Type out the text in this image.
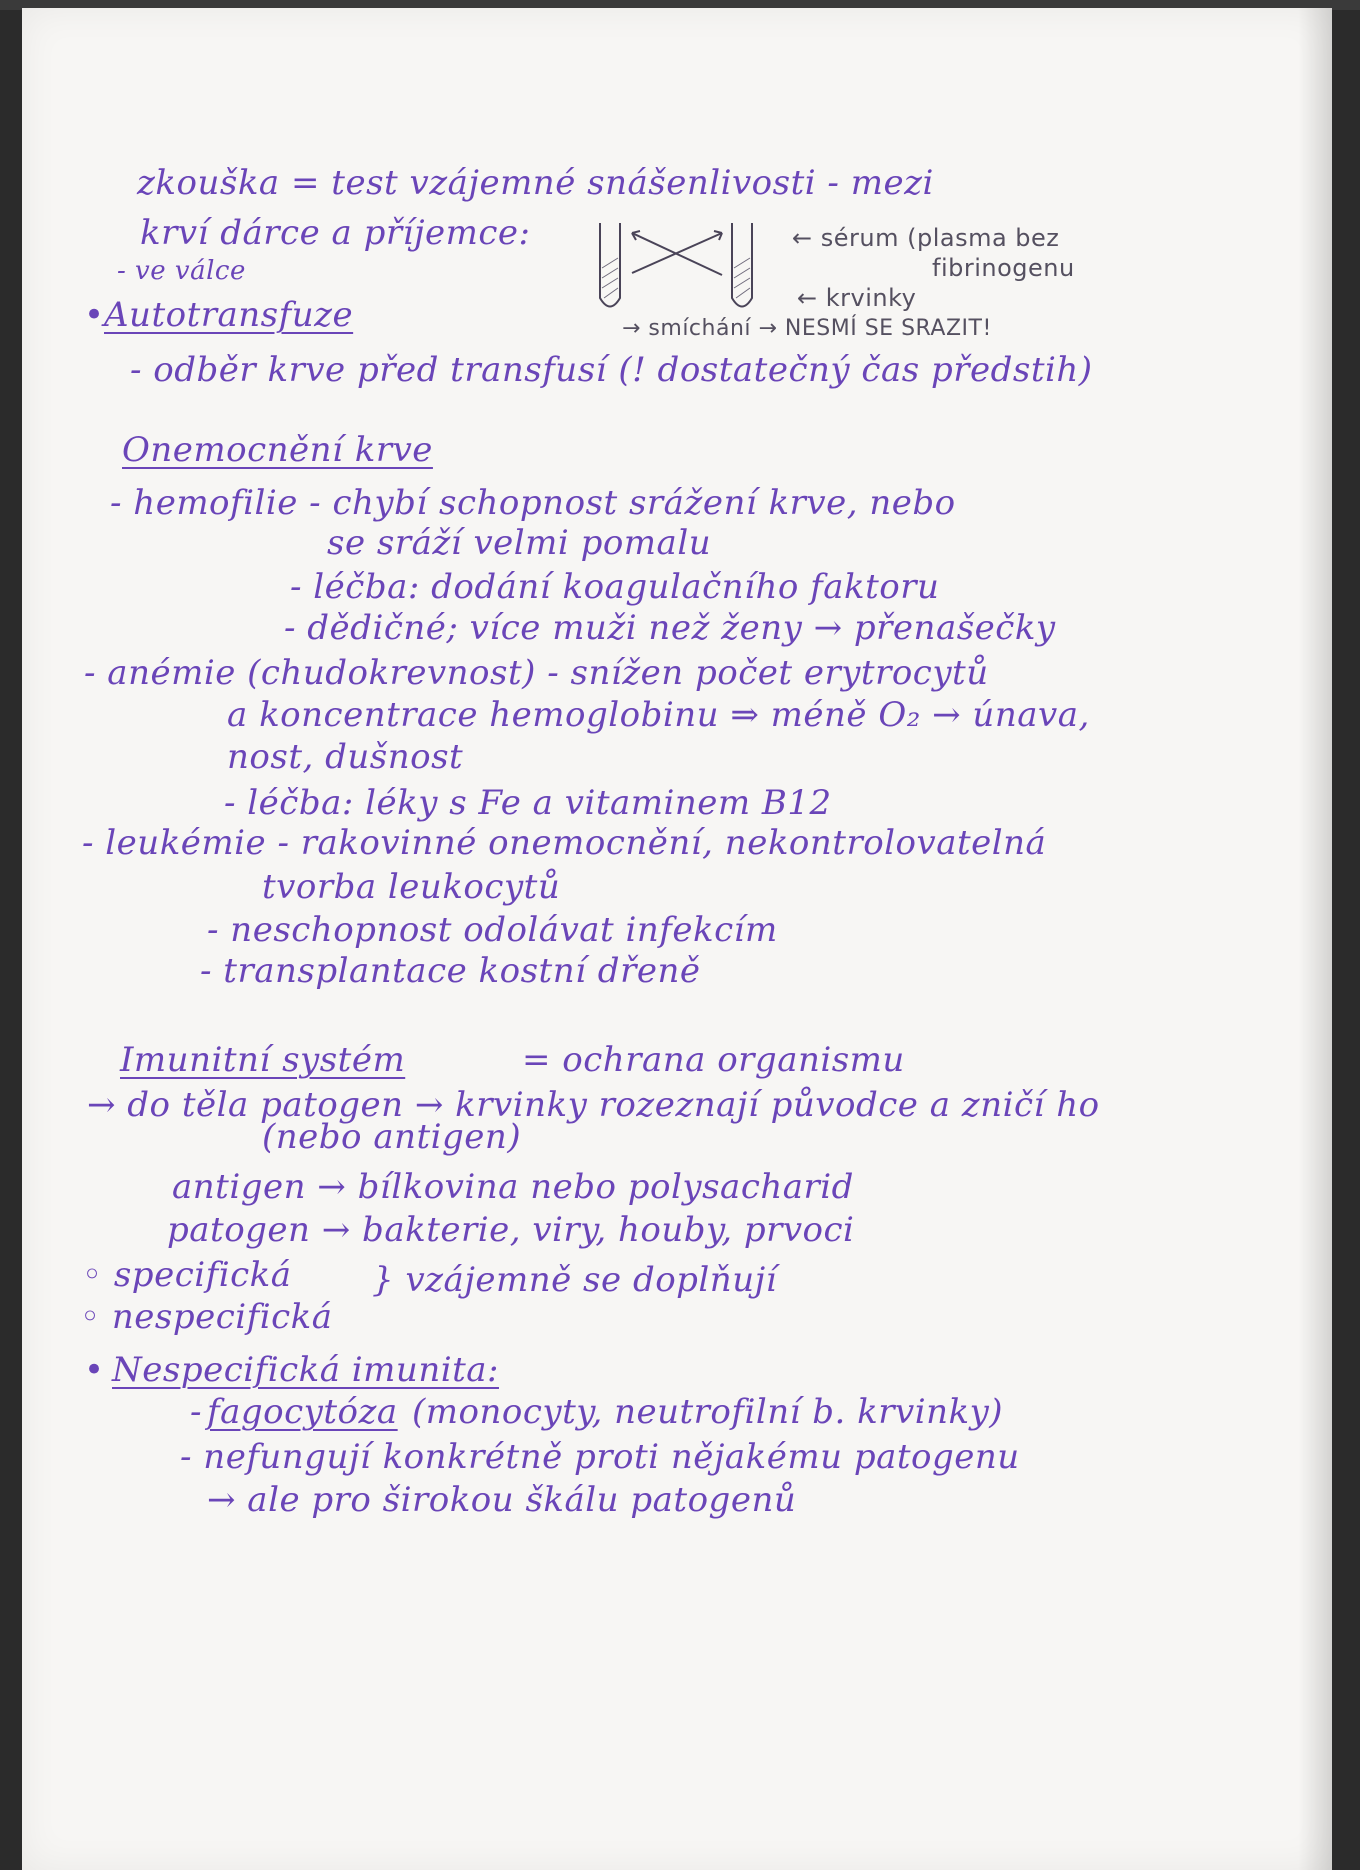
zkouška = test vzájemné snášenlivosti - mezi
krví dárce a příjemce:
- ve válce
← sérum (plasma bez
fibrinogenu
← krvinky
→ smíchání → NESMÍ SE SRAZIT!
• Autotransfuze
- odběr krve před transfusí (! dostatečný čas předstih)
Onemocnění krve
- hemofilie - chybí schopnost srážení krve, nebo
se sráží velmi pomalu
- léčba: dodání koagulačního faktoru
- dědičné; více muži než ženy → přenašečky
- anémie (chudokrevnost) - snížen počet erytrocytů
a koncentrace hemoglobinu ⇒ méně O₂ → únava,
nost, dušnost
- léčba: léky s Fe a vitaminem B12
- leukémie - rakovinné onemocnění, nekontrolovatelná
tvorba leukocytů
- neschopnost odolávat infekcím
- transplantace kostní dřeně
Imunitní systém	= ochrana organismu
→ do těla patogen → krvinky rozeznají původce a zničí ho
(nebo antigen)
antigen → bílkovina nebo polysacharid
patogen → bakterie, viry, houby, prvoci
◦ specifická } vzájemně se doplňují
◦ nespecifická
• Nespecifická imunita:
- fagocytóza (monocyty, neutrofilní b. krvinky)
- nefungují konkrétně proti nějakému patogenu
→ ale pro širokou škálu patogenů
